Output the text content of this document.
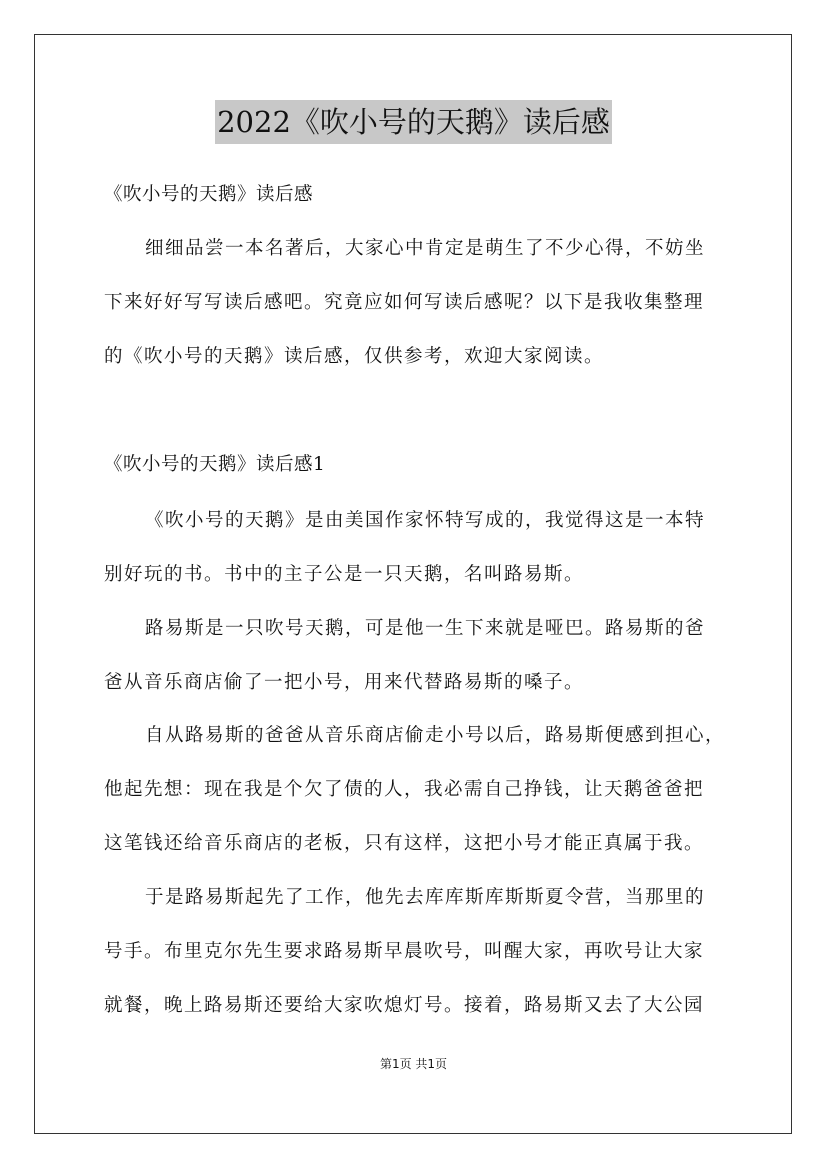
2022《吹小号的天鹅》读后感
《吹小号的天鹅》读后感
细细品尝一本名著后，大家心中肯定是萌生了不少心得，不妨坐
下来好好写写读后感吧。究竟应如何写读后感呢？以下是我收集整理
的《吹小号的天鹅》读后感，仅供参考，欢迎大家阅读。
《吹小号的天鹅》读后感1
《吹小号的天鹅》是由美国作家怀特写成的，我觉得这是一本特
别好玩的书。书中的主子公是一只天鹅，名叫路易斯。
路易斯是一只吹号天鹅，可是他一生下来就是哑巴。路易斯的爸
爸从音乐商店偷了一把小号，用来代替路易斯的嗓子。
自从路易斯的爸爸从音乐商店偷走小号以后，路易斯便感到担心，
他起先想：现在我是个欠了债的人，我必需自己挣钱，让天鹅爸爸把
这笔钱还给音乐商店的老板，只有这样，这把小号才能正真属于我。
于是路易斯起先了工作，他先去库库斯库斯斯夏令营，当那里的
号手。布里克尔先生要求路易斯早晨吹号，叫醒大家，再吹号让大家
就餐，晚上路易斯还要给大家吹熄灯号。接着，路易斯又去了大公园
第1页 共1页
